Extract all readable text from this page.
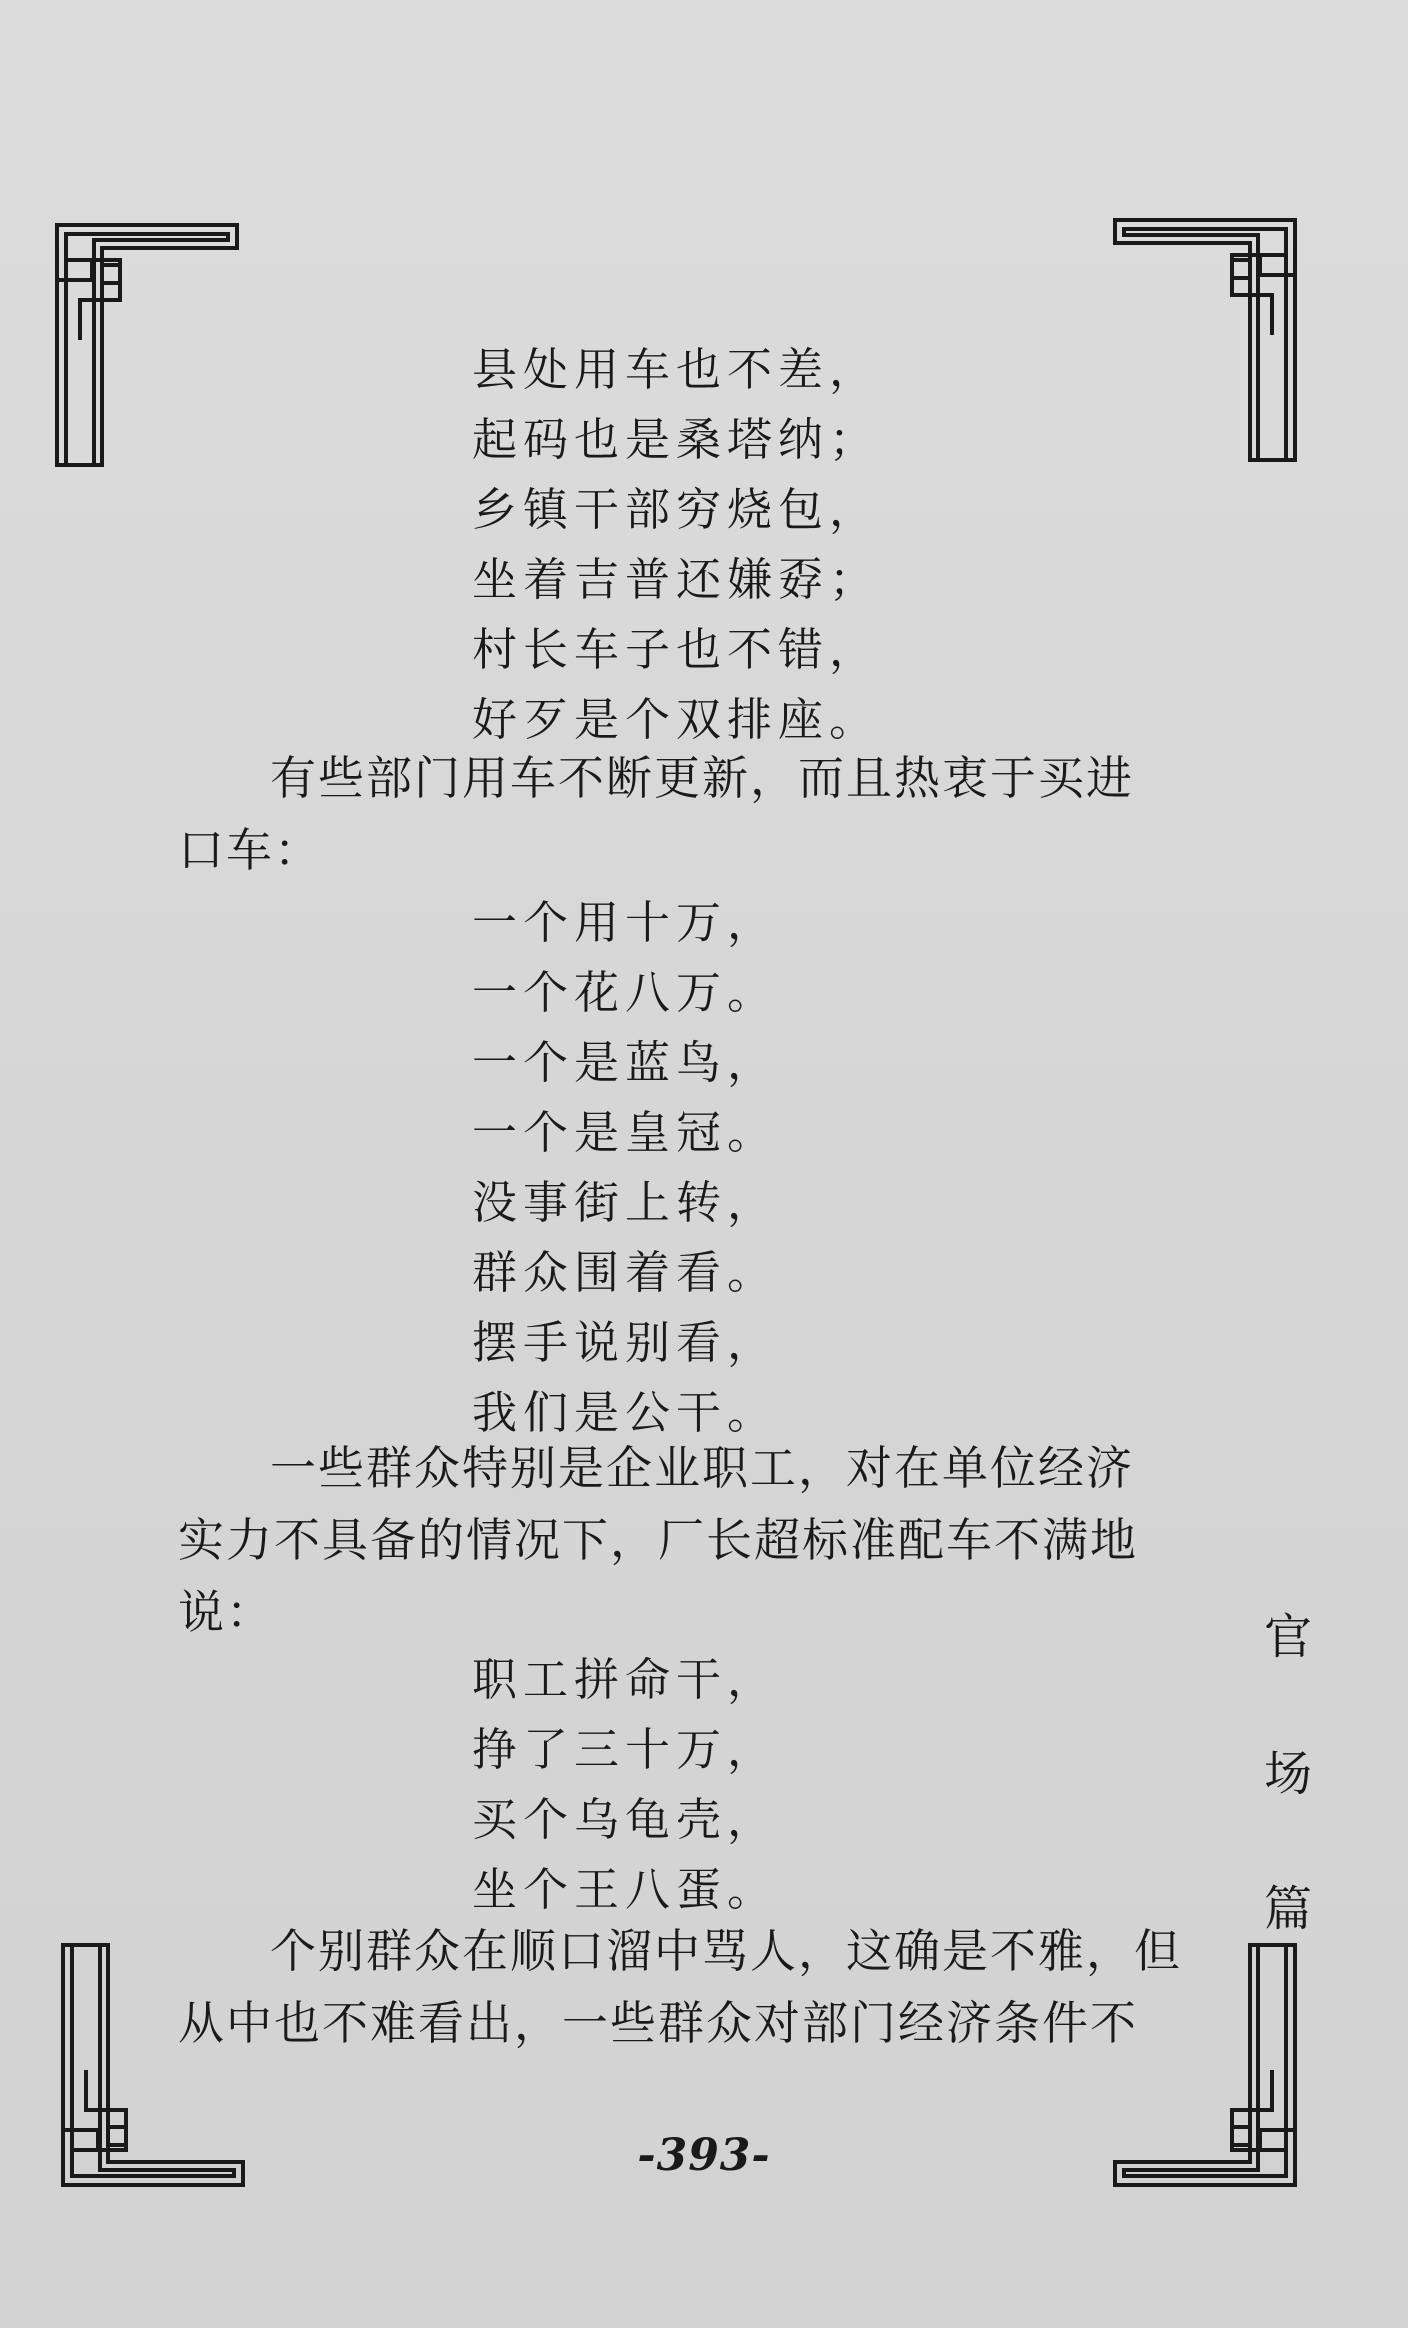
县处用车也不差，
起码也是桑塔纳；
乡镇干部穷烧包，
坐着吉普还嫌孬；
村长车子也不错，
好歹是个双排座。
有些部门用车不断更新，而且热衷于买进
口车：
一个用十万，
一个花八万。
一个是蓝鸟，
一个是皇冠。
没事街上转，
群众围着看。
摆手说别看，
我们是公干。
一些群众特别是企业职工，对在单位经济
实力不具备的情况下，厂长超标准配车不满地
说：
职工拼命干，
挣了三十万，
买个乌龟壳，
坐个王八蛋。
个别群众在顺口溜中骂人，这确是不雅，但
从中也不难看出，一些群众对部门经济条件不
官
场
篇
-393-
